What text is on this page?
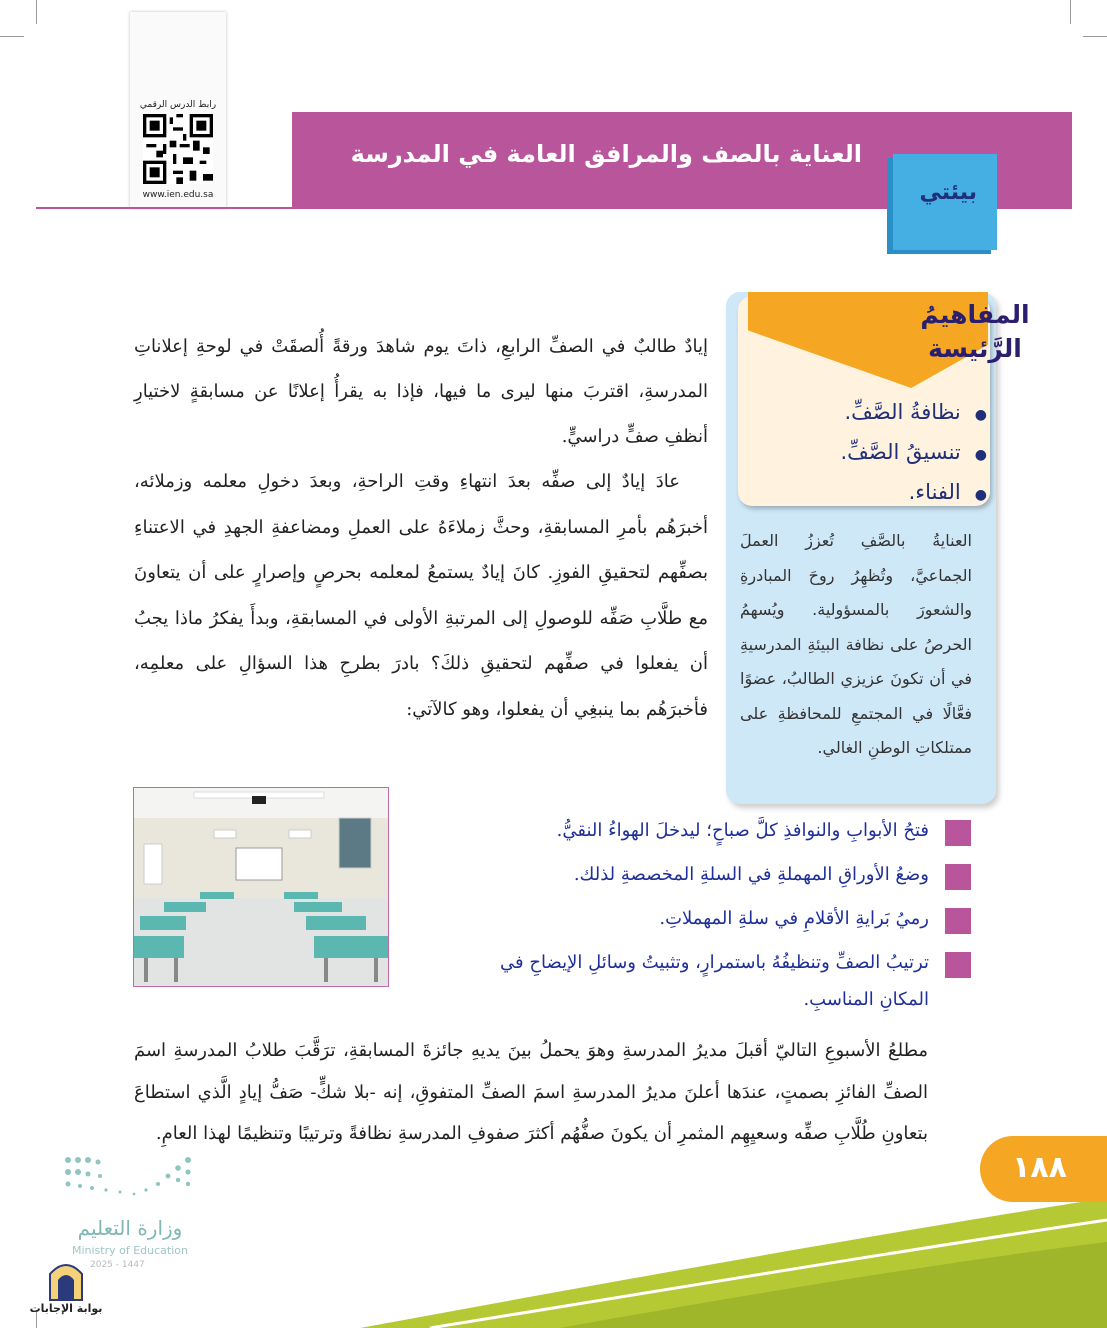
رابط الدرس الرقمي
www.ien.edu.sa
العناية بالصف والمرافق العامة في المدرسة
بيئتي
المفاهيمُ
الرَّئيسة
● نظافةُ الصَّفِّ.
● تنسيقُ الصَّفِّ.
● الفناء.
العنايةُ بالصَّفِ تُعززُ العملَ الجماعيَّ، وتُظهِرُ روحَ المبادرةِ والشعورَ بالمسؤولية. ويُسهمُ الحرصُ على نظافة البيئةِ المدرسيةِ في أن تكونَ عزيزي الطالبُ، عضوًا فعَّالًا في المجتمعِ للمحافظةِ على ممتلكاتِ الوطنِ الغالي.
إيادٌ طالبٌ في الصفِّ الرابعِ، ذاتَ يوم شاهدَ ورقةً أُلصقَتْ في لوحةِ إعلاناتِ المدرسةِ، اقتربَ منها ليرى ما فيها، فإذا به يقرأُ إعلانًا عن مسابقةٍ لاختيارِ أنظفِ صفٍّ دراسيٍّ.
عادَ إيادٌ إلى صفِّه بعدَ انتهاءِ وقتِ الراحةِ، وبعدَ دخولِ معلمه وزملائه، أخبرَهُم بأمرِ المسابقةِ، وحثَّ زملاءَهُ على العملِ ومضاعفةِ الجهدِ في الاعتناءِ بصفِّهم لتحقيقِ الفوزِ. كانَ إيادٌ يستمعُ لمعلمه بحرصٍ وإصرارٍ على أن يتعاونَ مع طلَّابِ صَفِّه للوصولِ إلى المرتبةِ الأولى في المسابقةِ، وبدأَ يفكرُ ماذا يجبُ أن يفعلوا في صفِّهم لتحقيقِ ذلكَ؟ بادرَ بطرحِ هذا السؤالِ على معلمِه، فأخبرَهُم بما ينبغِي أن يفعلوا، وهو كالآتي:
فتحُ الأبوابِ والنوافذِ كلَّ صباحٍ؛ ليدخلَ الهواءُ النقيُّ.
وضعُ الأوراقِ المهملةِ في السلةِ المخصصةِ لذلك.
رميُ بَرايةِ الأقلامِ في سلةِ المهملاتِ.
ترتيبُ الصفِّ وتنظيفُهُ باستمرارٍ، وتثبيتُ وسائلِ الإيضاحِ في المكانِ المناسبِ.
مطلعُ الأسبوعِ التاليّ أقبلَ مديرُ المدرسةِ وهوَ يحملُ بينَ يديهِ جائزةَ المسابقةِ، ترَقَّبَ طلابُ المدرسةِ اسمَ الصفِّ الفائزِ بصمتٍ، عندَها أعلنَ مديرُ المدرسةِ اسمَ الصفِّ المتفوقِ، إنه -بلا شكٍّ- صَفُّ إيادٍ الَّذي استطاعَ بتعاونِ طُلَّابِ صفِّه وسعيِهِم المثمرِ أن يكونَ صفُّهُم أكثرَ صفوفِ المدرسةِ نظافةً وترتيبًا وتنظيمًا لهذا العامِ.
١٨٨
وزارة التعليم
Ministry of Education
2025 - 1447
بوابة الإجابات
